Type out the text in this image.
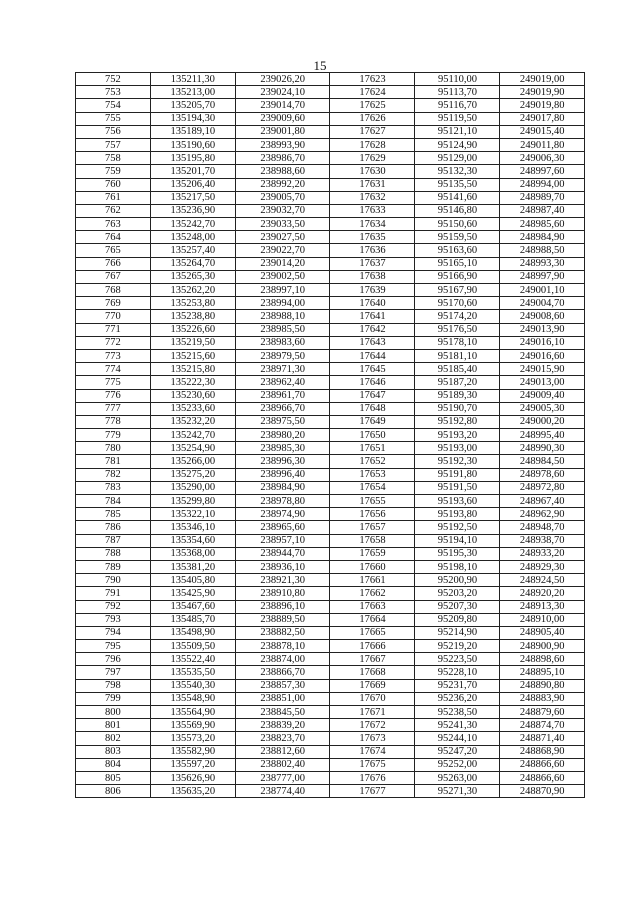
15
752	135211,30	239026,20	17623	95110,00	249019,00
753	135213,00	239024,10	17624	95113,70	249019,90
754	135205,70	239014,70	17625	95116,70	249019,80
755	135194,30	239009,60	17626	95119,50	249017,80
756	135189,10	239001,80	17627	95121,10	249015,40
757	135190,60	238993,90	17628	95124,90	249011,80
758	135195,80	238986,70	17629	95129,00	249006,30
759	135201,70	238988,60	17630	95132,30	248997,60
760	135206,40	238992,20	17631	95135,50	248994,00
761	135217,50	239005,70	17632	95141,60	248989,70
762	135236,90	239032,70	17633	95146,80	248987,40
763	135242,70	239033,50	17634	95150,60	248985,60
764	135248,00	239027,50	17635	95159,50	248984,90
765	135257,40	239022,70	17636	95163,60	248988,50
766	135264,70	239014,20	17637	95165,10	248993,30
767	135265,30	239002,50	17638	95166,90	248997,90
768	135262,20	238997,10	17639	95167,90	249001,10
769	135253,80	238994,00	17640	95170,60	249004,70
770	135238,80	238988,10	17641	95174,20	249008,60
771	135226,60	238985,50	17642	95176,50	249013,90
772	135219,50	238983,60	17643	95178,10	249016,10
773	135215,60	238979,50	17644	95181,10	249016,60
774	135215,80	238971,30	17645	95185,40	249015,90
775	135222,30	238962,40	17646	95187,20	249013,00
776	135230,60	238961,70	17647	95189,30	249009,40
777	135233,60	238966,70	17648	95190,70	249005,30
778	135232,20	238975,50	17649	95192,80	249000,20
779	135242,70	238980,20	17650	95193,20	248995,40
780	135254,90	238985,30	17651	95193,00	248990,30
781	135266,00	238996,30	17652	95192,30	248984,50
782	135275,20	238996,40	17653	95191,80	248978,60
783	135290,00	238984,90	17654	95191,50	248972,80
784	135299,80	238978,80	17655	95193,60	248967,40
785	135322,10	238974,90	17656	95193,80	248962,90
786	135346,10	238965,60	17657	95192,50	248948,70
787	135354,60	238957,10	17658	95194,10	248938,70
788	135368,00	238944,70	17659	95195,30	248933,20
789	135381,20	238936,10	17660	95198,10	248929,30
790	135405,80	238921,30	17661	95200,90	248924,50
791	135425,90	238910,80	17662	95203,20	248920,20
792	135467,60	238896,10	17663	95207,30	248913,30
793	135485,70	238889,50	17664	95209,80	248910,00
794	135498,90	238882,50	17665	95214,90	248905,40
795	135509,50	238878,10	17666	95219,20	248900,90
796	135522,40	238874,00	17667	95223,50	248898,60
797	135535,50	238866,70	17668	95228,10	248895,10
798	135540,30	238857,30	17669	95231,70	248890,80
799	135548,90	238851,00	17670	95236,20	248883,90
800	135564,90	238845,50	17671	95238,50	248879,60
801	135569,90	238839,20	17672	95241,30	248874,70
802	135573,20	238823,70	17673	95244,10	248871,40
803	135582,90	238812,60	17674	95247,20	248868,90
804	135597,20	238802,40	17675	95252,00	248866,60
805	135626,90	238777,00	17676	95263,00	248866,60
806	135635,20	238774,40	17677	95271,30	248870,90
